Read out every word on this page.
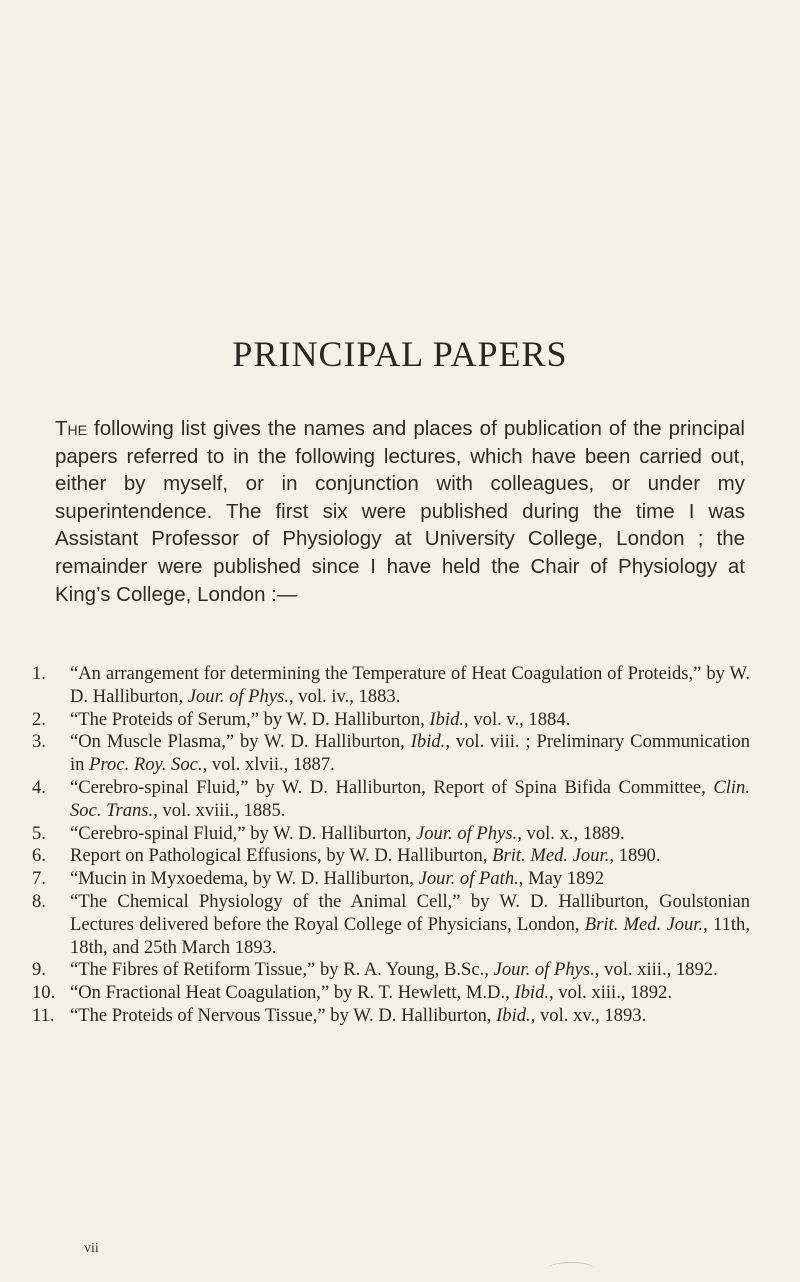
PRINCIPAL PAPERS
The following list gives the names and places of publication of the principal papers referred to in the following lectures, which have been carried out, either by myself, or in conjunction with colleagues, or under my superintendence. The first six were published during the time I was Assistant Professor of Physiology at University College, London ; the remainder were published since I have held the Chair of Physiology at King’s College, London :—
1. “An arrangement for determining the Temperature of Heat Coagulation of Proteids,” by W. D. Halliburton, Jour. of Phys., vol. iv., 1883.
2. “The Proteids of Serum,” by W. D. Halliburton, Ibid., vol. v., 1884.
3. “On Muscle Plasma,” by W. D. Halliburton, Ibid., vol. viii. ; Preliminary Communication in Proc. Roy. Soc., vol. xlvii., 1887.
4. “Cerebro-spinal Fluid,” by W. D. Halliburton, Report of Spina Bifida Committee, Clin. Soc. Trans., vol. xviii., 1885.
5. “Cerebro-spinal Fluid,” by W. D. Halliburton, Jour. of Phys., vol. x., 1889.
6. Report on Pathological Effusions, by W. D. Halliburton, Brit. Med. Jour., 1890.
7. “Mucin in Myxoedema, by W. D. Halliburton, Jour. of Path., May 1892
8. “The Chemical Physiology of the Animal Cell,” by W. D. Halliburton, Goulstonian Lectures delivered before the Royal College of Physicians, London, Brit. Med. Jour., 11th, 18th, and 25th March 1893.
9. “The Fibres of Retiform Tissue,” by R. A. Young, B.Sc., Jour. of Phys., vol. xiii., 1892.
10. “On Fractional Heat Coagulation,” by R. T. Hewlett, M.D., Ibid., vol. xiii., 1892.
11. “The Proteids of Nervous Tissue,” by W. D. Halliburton, Ibid., vol. xv., 1893.
vii
